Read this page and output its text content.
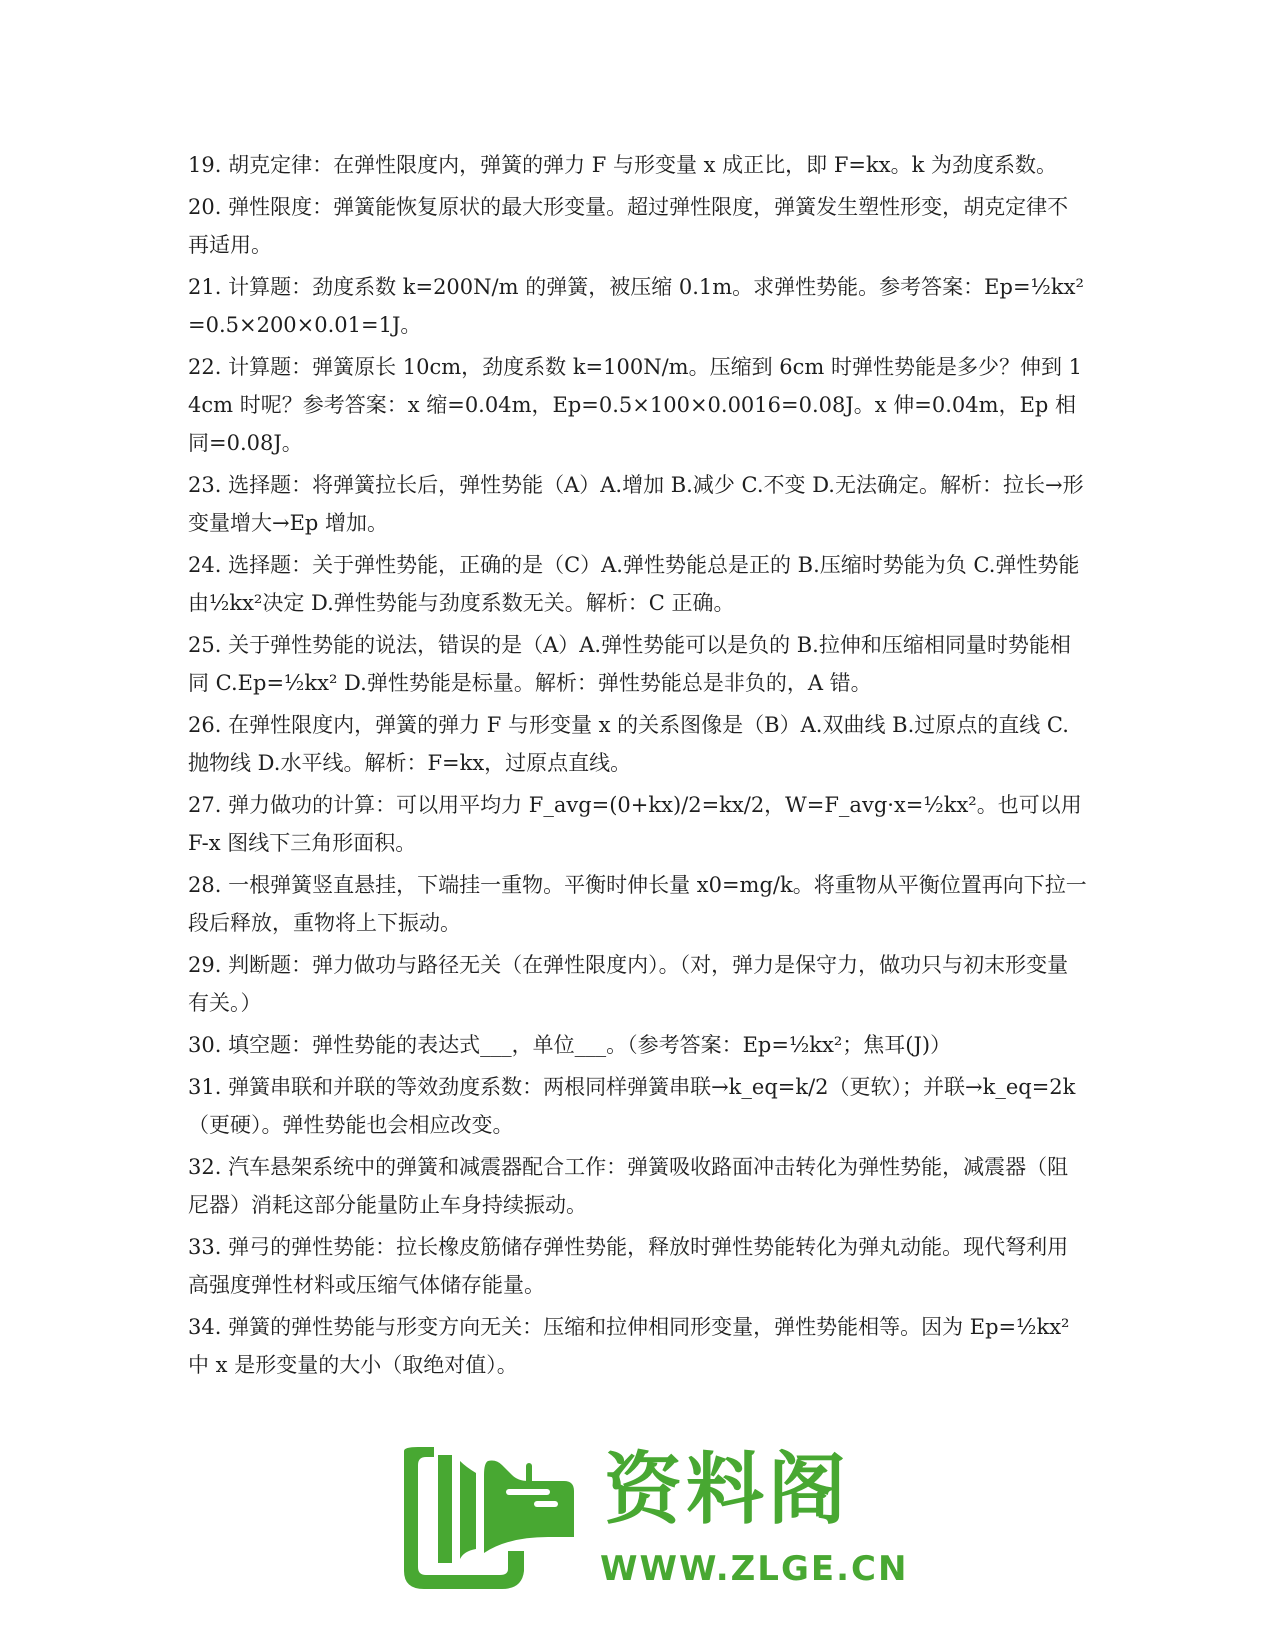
19. 胡克定律：在弹性限度内，弹簧的弹力 F 与形变量 x 成正比，即 F=kx。k 为劲度系数。

20. 弹性限度：弹簧能恢复原状的最大形变量。超过弹性限度，弹簧发生塑性形变，胡克定律不再适用。

21. 计算题：劲度系数 k=200N/m 的弹簧，被压缩 0.1m。求弹性势能。参考答案：Ep=½kx²=0.5×200×0.01=1J。

22. 计算题：弹簧原长 10cm，劲度系数 k=100N/m。压缩到 6cm 时弹性势能是多少？伸到 14cm 时呢？参考答案：x 缩=0.04m，Ep=0.5×100×0.0016=0.08J。x 伸=0.04m，Ep 相同=0.08J。

23. 选择题：将弹簧拉长后，弹性势能（A）A.增加 B.减少 C.不变 D.无法确定。解析：拉长→形变量增大→Ep 增加。

24. 选择题：关于弹性势能，正确的是（C）A.弹性势能总是正的 B.压缩时势能为负 C.弹性势能由½kx²决定 D.弹性势能与劲度系数无关。解析：C 正确。

25. 关于弹性势能的说法，错误的是（A）A.弹性势能可以是负的 B.拉伸和压缩相同量时势能相同 C.Ep=½kx² D.弹性势能是标量。解析：弹性势能总是非负的，A 错。

26. 在弹性限度内，弹簧的弹力 F 与形变量 x 的关系图像是（B）A.双曲线 B.过原点的直线 C.抛物线 D.水平线。解析：F=kx，过原点直线。

27. 弹力做功的计算：可以用平均力 F_avg=(0+kx)/2=kx/2，W=F_avg·x=½kx²。也可以用 F-x 图线下三角形面积。

28. 一根弹簧竖直悬挂，下端挂一重物。平衡时伸长量 x0=mg/k。将重物从平衡位置再向下拉一段后释放，重物将上下振动。

29. 判断题：弹力做功与路径无关（在弹性限度内）。（对，弹力是保守力，做功只与初末形变量有关。）

30. 填空题：弹性势能的表达式___，单位___。（参考答案：Ep=½kx²；焦耳(J)）

31. 弹簧串联和并联的等效劲度系数：两根同样弹簧串联→k_eq=k/2（更软）；并联→k_eq=2k（更硬）。弹性势能也会相应改变。

32. 汽车悬架系统中的弹簧和减震器配合工作：弹簧吸收路面冲击转化为弹性势能，减震器（阻尼器）消耗这部分能量防止车身持续振动。

33. 弹弓的弹性势能：拉长橡皮筋储存弹性势能，释放时弹性势能转化为弹丸动能。现代弩利用高强度弹性材料或压缩气体储存能量。

34. 弹簧的弹性势能与形变方向无关：压缩和拉伸相同形变量，弹性势能相等。因为 Ep=½kx² 中 x 是形变量的大小（取绝对值）。

资料阁
WWW.ZLGE.CN
